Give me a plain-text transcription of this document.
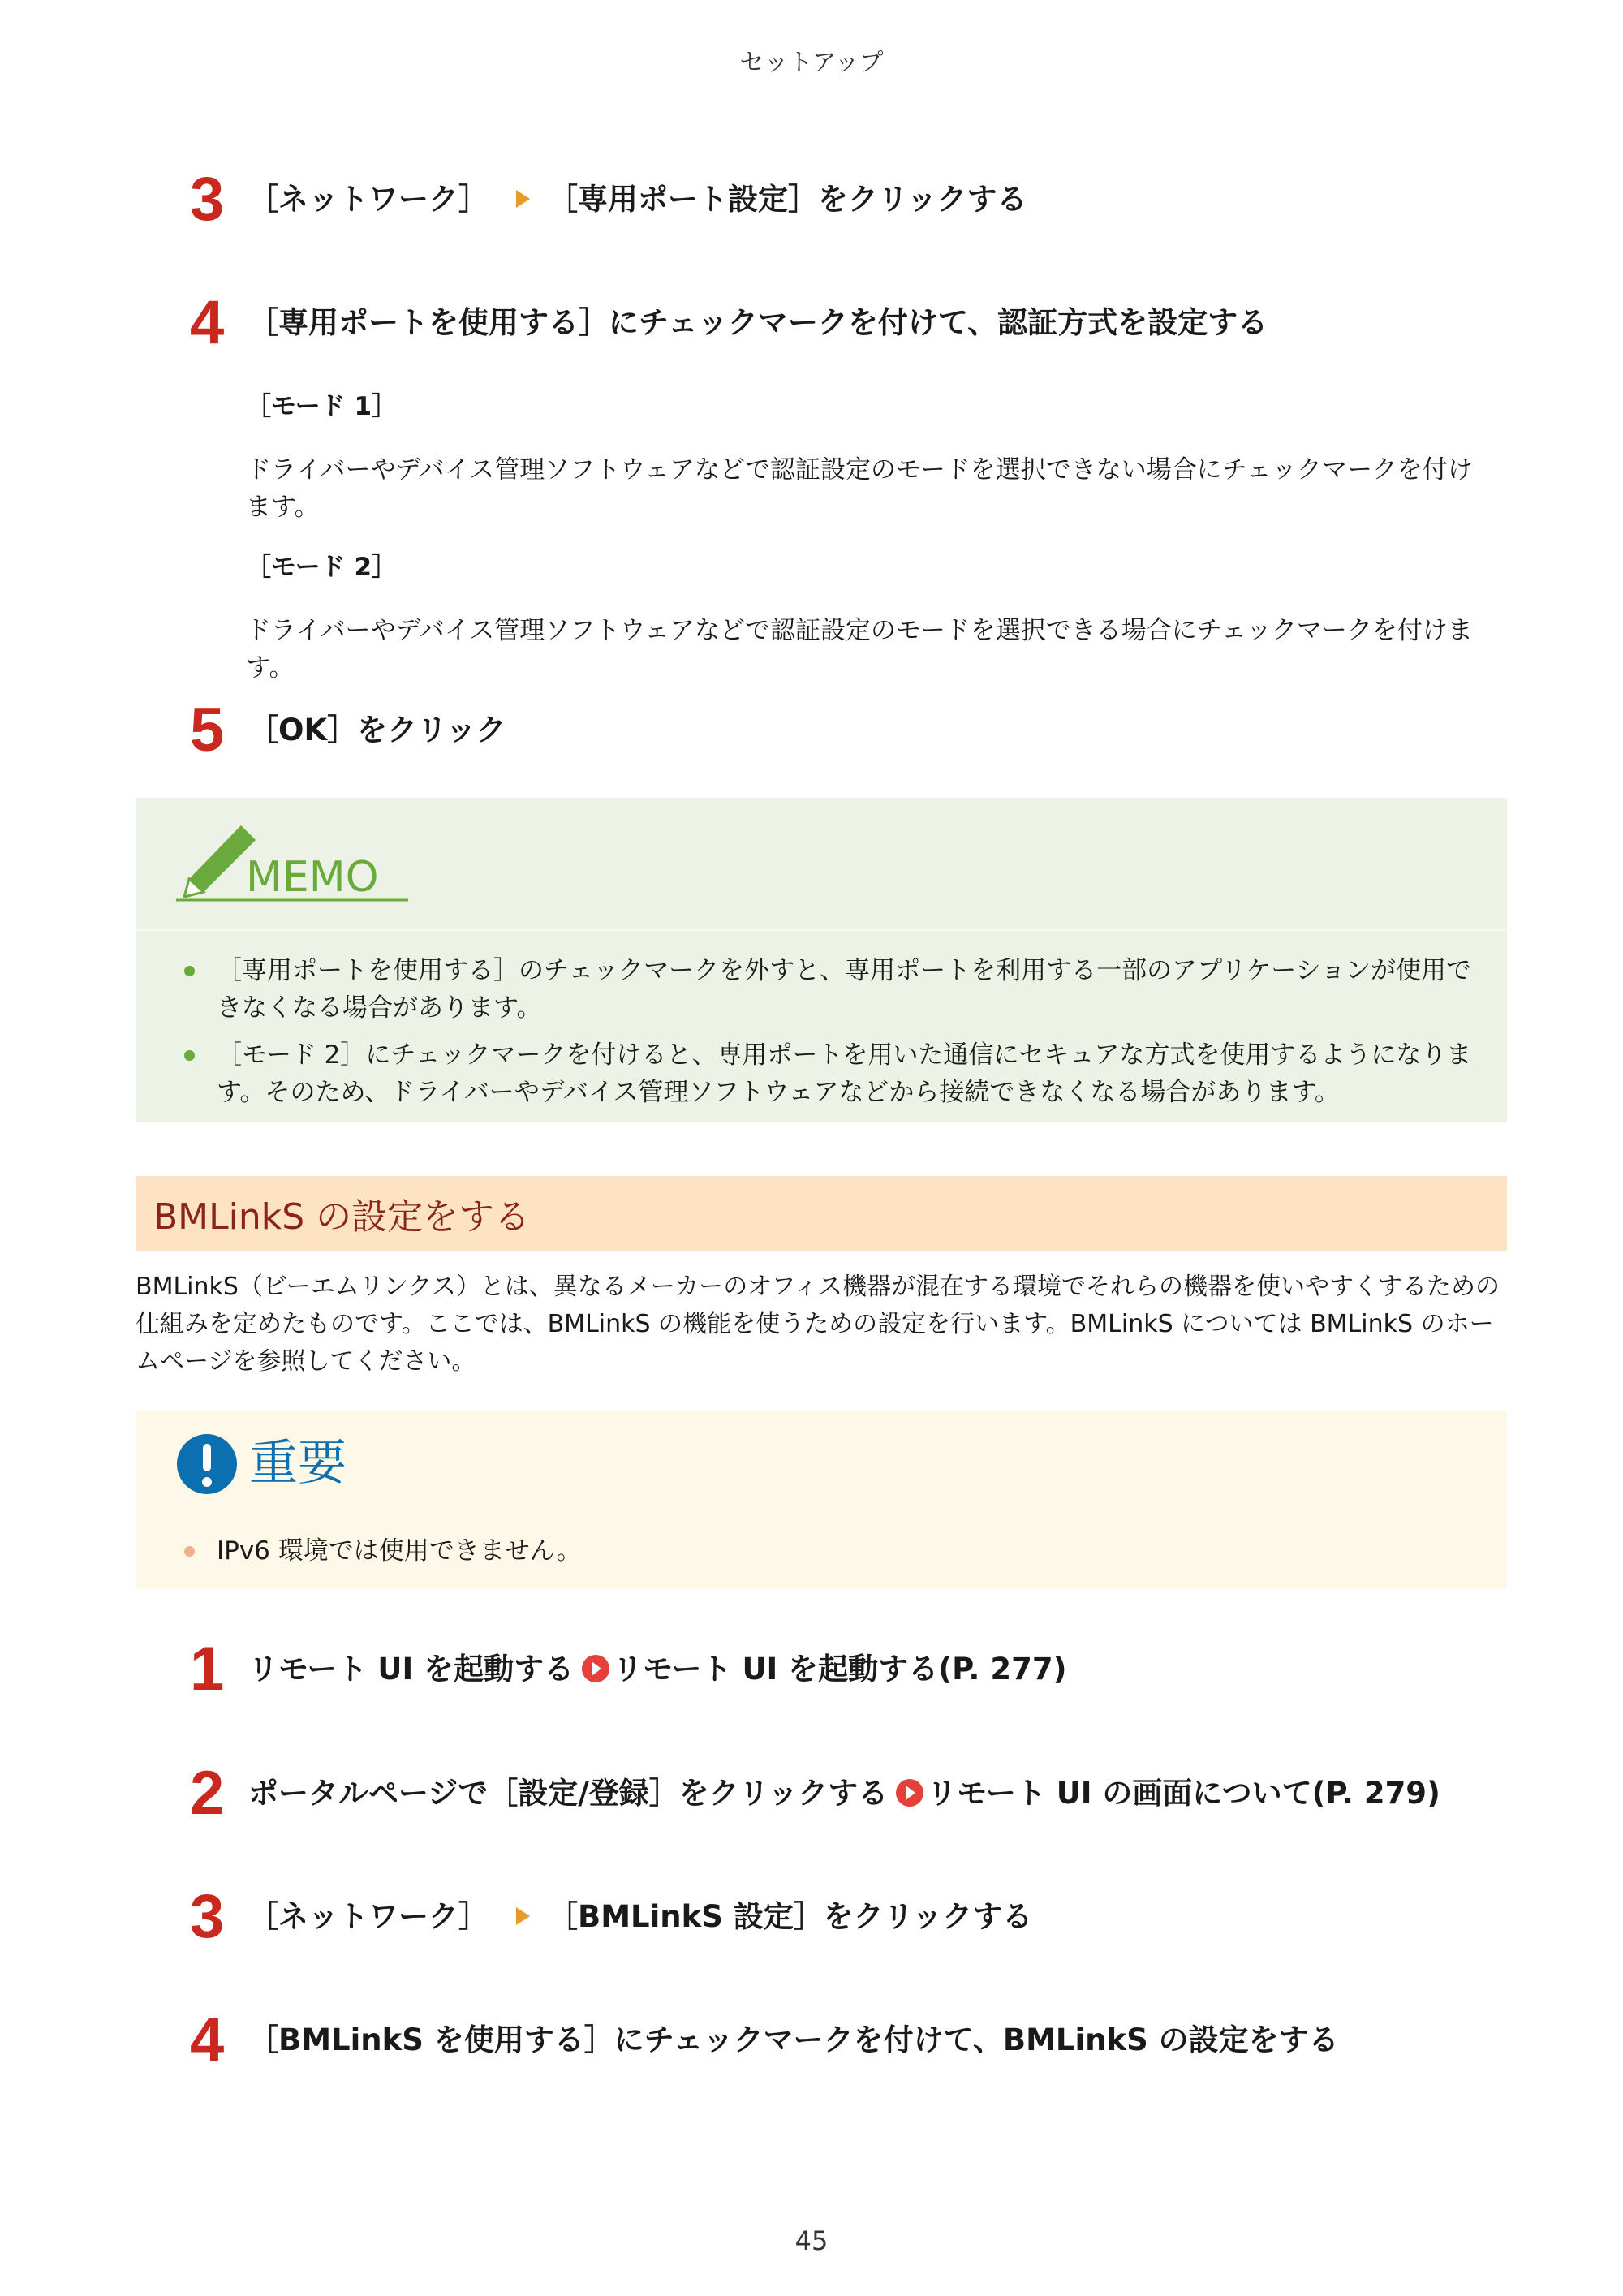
セットアップ
3 ［ネットワーク］ ［専用ポート設定］をクリックする
4 ［専用ポートを使用する］にチェックマークを付けて、認証方式を設定する
［モード 1］
ドライバーやデバイス管理ソフトウェアなどで認証設定のモードを選択できない場合にチェックマークを付けます。
［モード 2］
ドライバーやデバイス管理ソフトウェアなどで認証設定のモードを選択できる場合にチェックマークを付けます。
5 ［OK］をクリック
MEMO
［専用ポートを使用する］のチェックマークを外すと、専用ポートを利用する一部のアプリケーションが使用できなくなる場合があります。
［モード 2］にチェックマークを付けると、専用ポートを用いた通信にセキュアな方式を使用するようになります。そのため、ドライバーやデバイス管理ソフトウェアなどから接続できなくなる場合があります。
BMLinkS の設定をする
BMLinkS（ビーエムリンクス）とは、異なるメーカーのオフィス機器が混在する環境でそれらの機器を使いやすくするための仕組みを定めたものです。ここでは、BMLinkS の機能を使うための設定を行います。BMLinkS については BMLinkS のホームページを参照してください。
重要
IPv6 環境では使用できません。
1 リモート UI を起動する リモート UI を起動する(P. 277)
2 ポータルページで［設定/登録］をクリックする リモート UI の画面について(P. 279)
3 ［ネットワーク］ ［BMLinkS 設定］をクリックする
4 ［BMLinkS を使用する］にチェックマークを付けて、BMLinkS の設定をする
45
